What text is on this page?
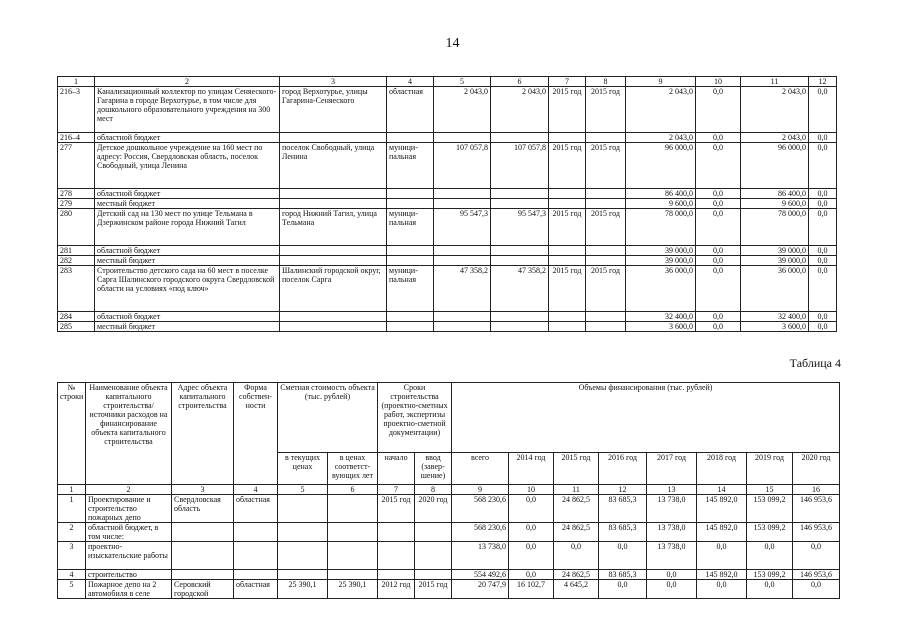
14
1	2	3	4	5	6	7	8	9	10	11	12
216–3	Канализационный коллектор по улицам Сеняеского-Гагарина в городе Верхотурье, в том числе для дошкольного образовательного учреждения на 300 мест	город Верхотурье, улицы Гагарина-Сеняеского	областная	2 043,0	2 043,0	2015 год	2015 год	2 043,0	0,0	2 043,0	0,0
216–4	областной бюджет							2 043,0	0,0	2 043,0	0,0
277	Детское дошкольное учреждение на 160 мест по адресу: Россия, Свердловская область, поселок Свободный, улица Ленина	поселок Свободный, улица Ленина	муници-пальная	107 057,8	107 057,8	2015 год	2015 год	96 000,0	0,0	96 000,0	0,0
278	областной бюджет							86 400,0	0,0	86 400,0	0,0
279	местный бюджет							9 600,0	0,0	9 600,0	0,0
280	Детский сад на 130 мест по улице Тельмана в Дзержинском районе города Нижний Тагил	город Нижний Тагил, улица Тельмана	муници-пальная	95 547,3	95 547,3	2015 год	2015 год	78 000,0	0,0	78 000,0	0,0
281	областной бюджет							39 000,0	0,0	39 000,0	0,0
282	местный бюджет							39 000,0	0,0	39 000,0	0,0
283	Строительство детского сада на 60 мест в поселке Сарга Шалинского городского округа Свердловской области на условиях «под ключ»	Шалинский городской округ, поселок Сарга	муници-пальная	47 358,2	47 358,2	2015 год	2015 год	36 000,0	0,0	36 000,0	0,0
284	областной бюджет							32 400,0	0,0	32 400,0	0,0
285	местный бюджет							3 600,0	0,0	3 600,0	0,0
Таблица 4
№ строки	Наименование объекта капитального строительства/ источники расходов на финансирование объекта капитального строительства	Адрес объекта капитального строительства	Форма собствен-ности	Сметная стоимость объекта (тыс. рублей)		Сроки строительства (проектно-сметных работ, экспертизы проектно-сметной документации)		Объемы финансирования (тыс. рублей)							
				в текущих ценах	в ценах соответст-вующих лет	начало	ввод (завер-шение)	всего	2014 год	2015 год	2016 год	2017 год	2018 год	2019 год	2020 год
1	2	3	4	5	6	7	8	9	10	11	12	13	14	15	16
1	Проектирование и строительство пожарных депо	Свердловская область	областная			2015 год	2020 год	568 230,6	0,0	24 862,5	83 685,3	13 738,0	145 892,0	153 099,2	146 953,6
2	областной бюджет, в том числе:							568 230,6	0,0	24 862,5	83 685,3	13 738,0	145 892,0	153 099,2	146 953,6
3	проектно-изыскательские работы							13 738,0	0,0	0,0	0,0	13 738,0	0,0	0,0	0,0
4	строительство							554 492,6	0,0	24 862,5	83 685,3	0,0	145 892,0	153 099,2	146 953,6
5	Пожарное депо на 2 автомобиля в селе	Серовский городской	областная	25 390,1	25 390,1	2012 год	2015 год	20 747,9	16 102,7	4 645,2	0,0	0,0	0,0	0,0	0,0
